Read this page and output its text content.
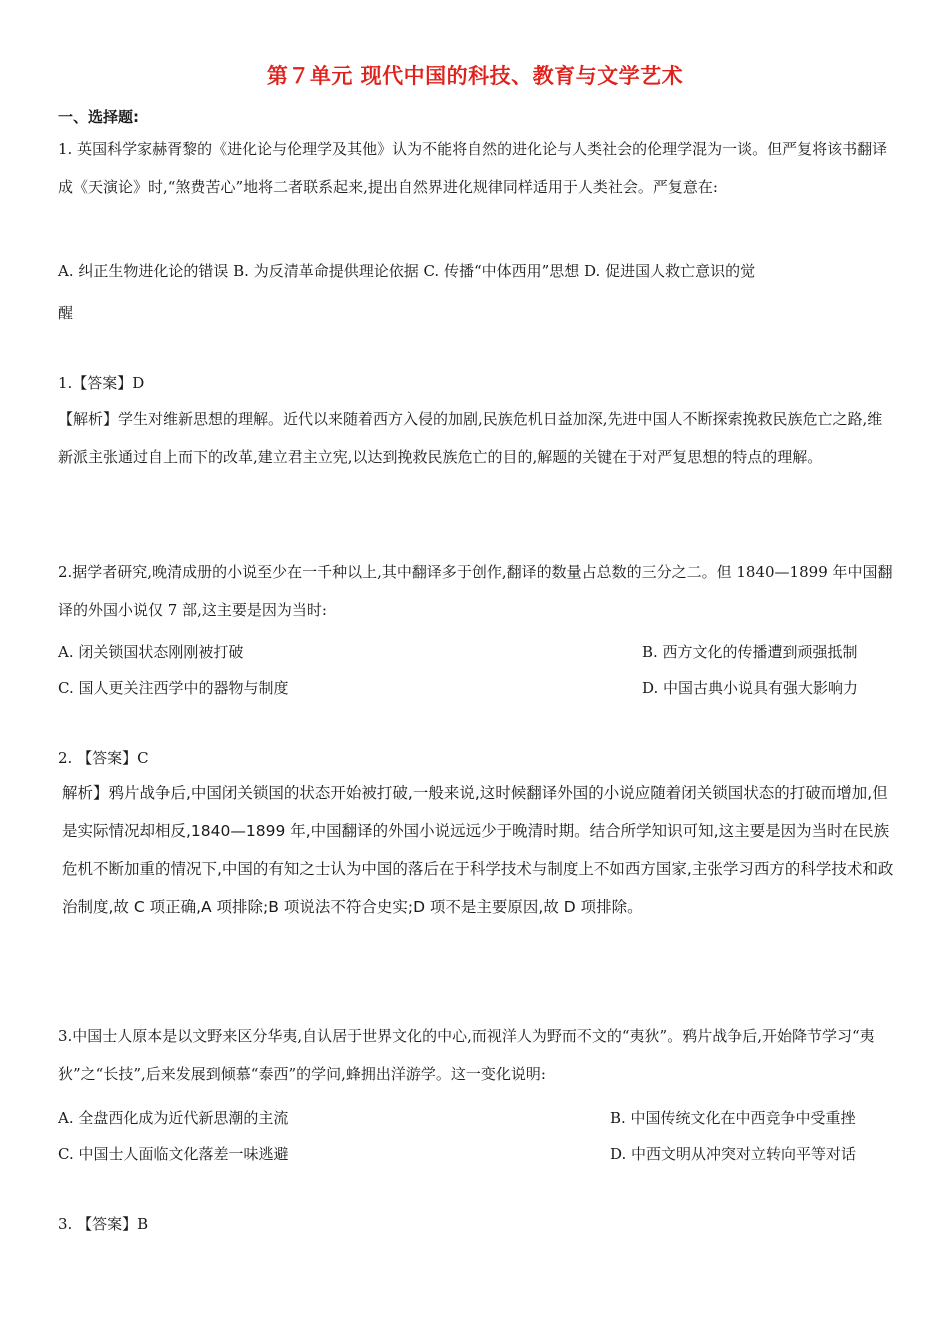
第７单元 现代中国的科技、教育与文学艺术
一、选择题:

1. 英国科学家赫胥黎的《进化论与伦理学及其他》认为不能将自然的进化论与人类社会的伦理学混为一谈。但严复将该书翻译成《天演论》时,“煞费苦心”地将二者联系起来,提出自然界进化规律同样适用于人类社会。严复意在:

A. 纠正生物进化论的错误 B. 为反清革命提供理论依据 C. 传播“中体西用”思想 D. 促进国人救亡意识的觉
醒
1.【答案】D

【解析】学生对维新思想的理解。近代以来随着西方入侵的加剧,民族危机日益加深,先进中国人不断探索挽救民族危亡之路,维新派主张通过自上而下的改革,建立君主立宪,以达到挽救民族危亡的目的,解题的关键在于对严复思想的特点的理解。

2.据学者研究,晚清成册的小说至少在一千种以上,其中翻译多于创作,翻译的数量占总数的三分之二。但 1840—1899 年中国翻译的外国小说仅 7 部,这主要是因为当时:

A. 闭关锁国状态刚刚被打破	B. 西方文化的传播遭到顽强抵制
C. 国人更关注西学中的器物与制度	D. 中国古典小说具有强大影响力
2. 【答案】C

解析】鸦片战争后,中国闭关锁国的状态开始被打破,一般来说,这时候翻译外国的小说应随着闭关锁国状态的打破而增加,但是实际情况却相反,1840—1899 年,中国翻译的外国小说远远少于晚清时期。结合所学知识可知,这主要是因为当时在民族危机不断加重的情况下,中国的有知之士认为中国的落后在于科学技术与制度上不如西方国家,主张学习西方的科学技术和政治制度,故 C 项正确,A 项排除;B 项说法不符合史实;D 项不是主要原因,故 D 项排除。

3.中国士人原本是以文野来区分华夷,自认居于世界文化的中心,而视洋人为野而不文的“夷狄”。鸦片战争后,开始降节学习“夷狄”之“长技”,后来发展到倾慕“泰西”的学问,蜂拥出洋游学。这一变化说明:

A. 全盘西化成为近代新思潮的主流	B. 中国传统文化在中西竞争中受重挫
C. 中国士人面临文化落差一味逃避	D. 中西文明从冲突对立转向平等对话
3. 【答案】B
